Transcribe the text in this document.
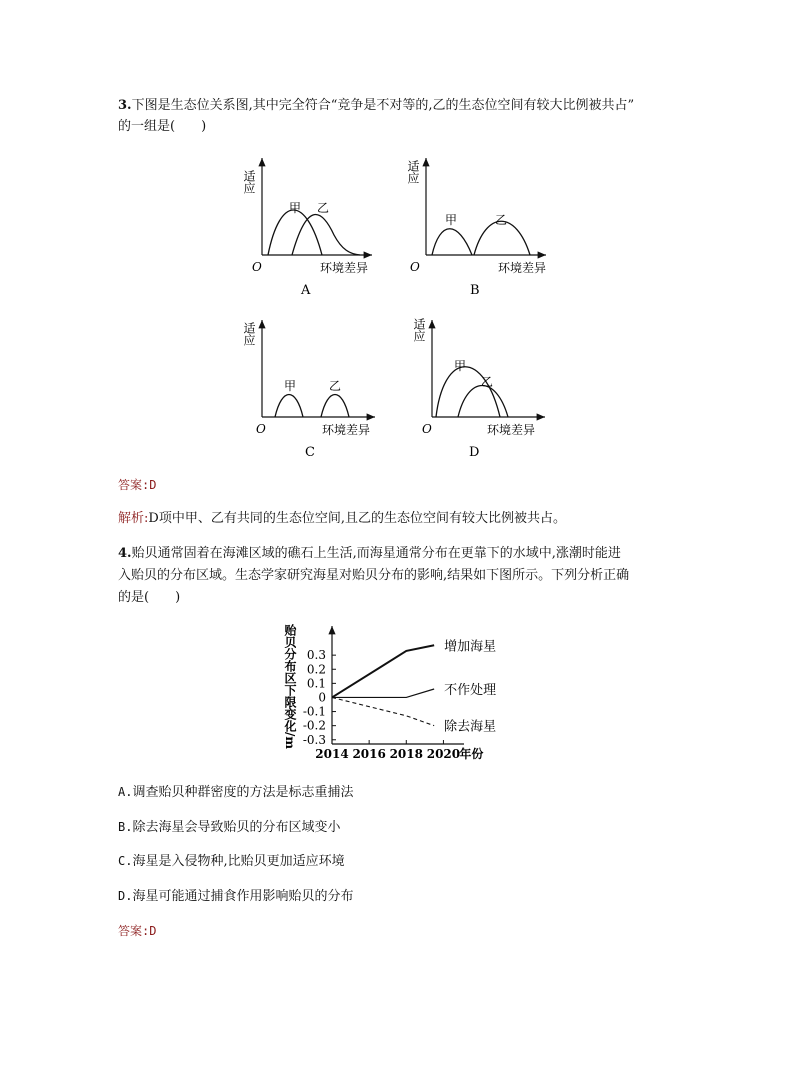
3.下图是生态位关系图,其中完全符合“竞争是不对等的,乙的生态位空间有较大比例被共占”
的一组是(　　)
适应
甲 乙
O	环境差异
A
适应
甲	乙
O	环境差异
B
适应
甲	乙
O	环境差异
C
适应
甲
乙
O	环境差异
D
答案:D
解析:D项中甲、乙有共同的生态位空间,且乙的生态位空间有较大比例被共占。
4.贻贝通常固着在海滩区域的礁石上生活,而海星通常分布在更靠下的水域中,涨潮时能进
入贻贝的分布区域。生态学家研究海星对贻贝分布的影响,结果如下图所示。下列分析正确
的是(　　)
0.3
0.2
0.1
0
-0.1
-0.2
-0.3
2014 2016 2018 2020
增加海星
不作处理
除去海星
贻贝分布区下限变化/m
年份
A.调查贻贝种群密度的方法是标志重捕法
B.除去海星会导致贻贝的分布区域变小
C.海星是入侵物种,比贻贝更加适应环境
D.海星可能通过捕食作用影响贻贝的分布
答案:D
